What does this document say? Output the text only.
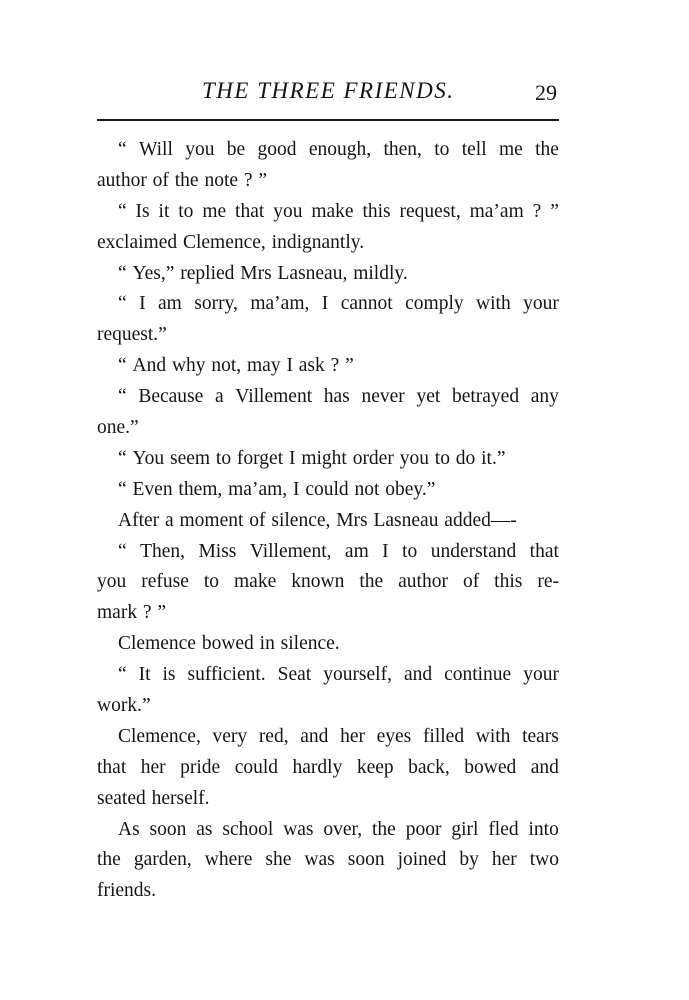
THE THREE FRIENDS.	29
“ Will you be good enough, then, to tell me the
author of the note ? ”
“ Is it to me that you make this request, ma’am ? ”
exclaimed Clemence, indignantly.
“ Yes,” replied Mrs Lasneau, mildly.
“ I am sorry, ma’am, I cannot comply with your
request.”
“ And why not, may I ask ? ”
“ Because a Villement has never yet betrayed any
one.”
“ You seem to forget I might order you to do it.”
“ Even them, ma’am, I could not obey.”
After a moment of silence, Mrs Lasneau added—-
“ Then, Miss Villement, am I to understand that
you refuse to make known the author of this re-
mark ? ”
Clemence bowed in silence.
“ It is sufficient. Seat yourself, and continue your
work.”
Clemence, very red, and her eyes filled with tears
that her pride could hardly keep back, bowed and
seated herself.
As soon as school was over, the poor girl fled into
the garden, where she was soon joined by her two
friends.
